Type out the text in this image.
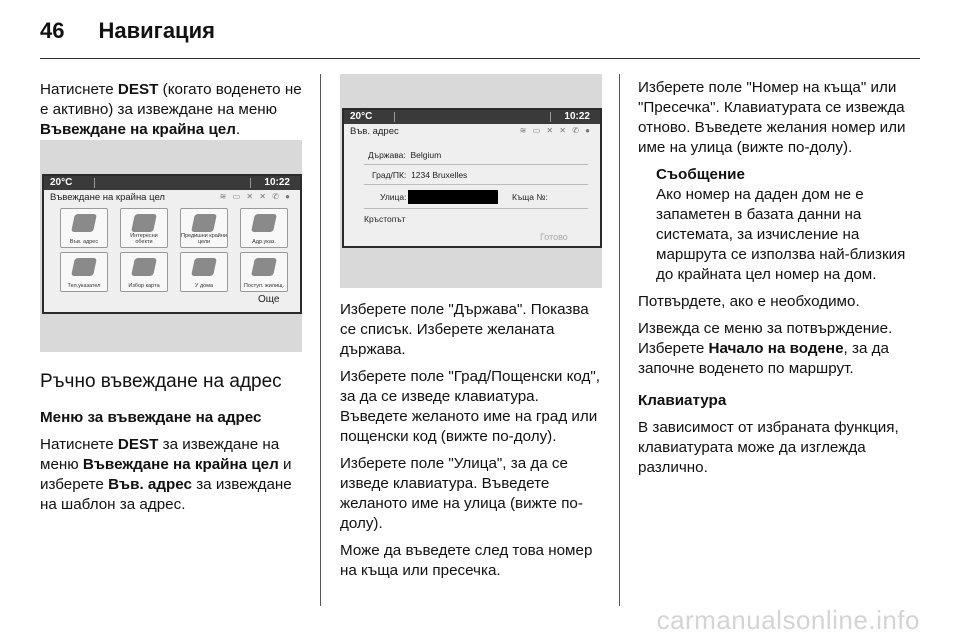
46 Навигация

Натиснете DEST (когато воденето не е активно) за извеждане на меню Въвеждане на крайна цел.

20°C	10:22
Въвеждане на крайна цел	≋ ▭ ✕ ✕ ✆ ●
Във. адрес
Интересни обекти
Предишни крайни цели	Адр.указ.
Тел.указател	Избор карта	У дома	Поступ. жилищ.
Още
Ръчно въвеждане на адрес

Меню за въвеждане на адрес

Натиснете DEST за извеждане на меню Въвеждане на крайна цел и изберете Във. адрес за извеждане на шаблон за адрес.

20°C	10:22
Във. адрес	≋ ▭ ✕ ✕ ✆ ●
Държава: Belgium
Град/ПК: 1234 Bruxelles
Улица:	Къща №:
Кръстопът
Готово

Изберете поле "Държава". Показва се списък. Изберете желаната държава.

Изберете поле "Град/Пощенски код", за да се изведе клавиатура. Въведете желаното име на град или пощенски код (вижте по-долу).

Изберете поле "Улица", за да се изведе клавиатура. Въведете желаното име на улица (вижте по-долу).

Може да въведете след това номер на къща или пресечка.

Изберете поле "Номер на къща" или "Пресечка". Клавиатурата се извежда отново. Въведете желания номер или име на улица (вижте по-долу).

Съобщение
Ако номер на даден дом не е запаметен в базата данни на системата, за изчисление на маршрута се използва най-близкия до крайната цел номер на дом.

Потвърдете, ако е необходимо.

Извежда се меню за потвърждение. Изберете Начало на водене, за да започне воденето по маршрут.

Клавиатура

В зависимост от избраната функция, клавиатурата може да изглежда различно.

carmanualsonline.info
